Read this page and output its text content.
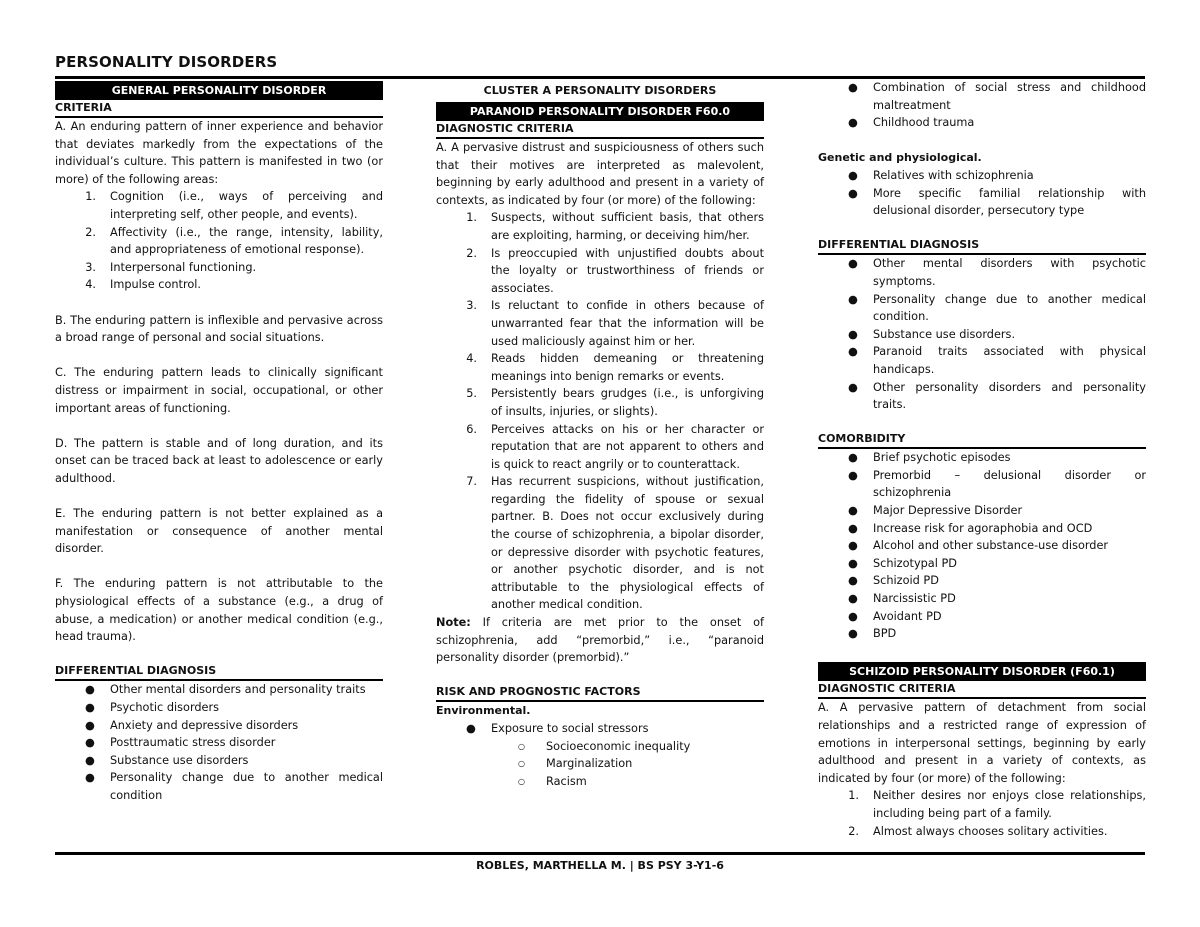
PERSONALITY DISORDERS
GENERAL PERSONALITY DISORDER
CRITERIA
A. An enduring pattern of inner experience and behavior that deviates markedly from the expectations of the individual’s culture. This pattern is manifested in two (or more) of the following areas:
1. Cognition (i.e., ways of perceiving and interpreting self, other people, and events).
2. Affectivity (i.e., the range, intensity, lability, and appropriateness of emotional response).
3. Interpersonal functioning.
4. Impulse control.
B. The enduring pattern is inflexible and pervasive across a broad range of personal and social situations.
C. The enduring pattern leads to clinically significant distress or impairment in social, occupational, or other important areas of functioning.
D. The pattern is stable and of long duration, and its onset can be traced back at least to adolescence or early adulthood.
E. The enduring pattern is not better explained as a manifestation or consequence of another mental disorder.
F. The enduring pattern is not attributable to the physiological effects of a substance (e.g., a drug of abuse, a medication) or another medical condition (e.g., head trauma).
DIFFERENTIAL DIAGNOSIS
● Other mental disorders and personality traits
● Psychotic disorders
● Anxiety and depressive disorders
● Posttraumatic stress disorder
● Substance use disorders
● Personality change due to another medical condition
CLUSTER A PERSONALITY DISORDERS
PARANOID PERSONALITY DISORDER F60.0
DIAGNOSTIC CRITERIA
A. A pervasive distrust and suspiciousness of others such that their motives are interpreted as malevolent, beginning by early adulthood and present in a variety of contexts, as indicated by four (or more) of the following:
1. Suspects, without sufficient basis, that others are exploiting, harming, or deceiving him/her.
2. Is preoccupied with unjustified doubts about the loyalty or trustworthiness of friends or associates.
3. Is reluctant to confide in others because of unwarranted fear that the information will be used maliciously against him or her.
4. Reads hidden demeaning or threatening meanings into benign remarks or events.
5. Persistently bears grudges (i.e., is unforgiving of insults, injuries, or slights).
6. Perceives attacks on his or her character or reputation that are not apparent to others and is quick to react angrily or to counterattack.
7. Has recurrent suspicions, without justification, regarding the fidelity of spouse or sexual partner. B. Does not occur exclusively during the course of schizophrenia, a bipolar disorder, or depressive disorder with psychotic features, or another psychotic disorder, and is not attributable to the physiological effects of another medical condition.
Note: If criteria are met prior to the onset of schizophrenia, add “premorbid,” i.e., “paranoid personality disorder (premorbid).”
RISK AND PROGNOSTIC FACTORS
Environmental.
● Exposure to social stressors
○ Socioeconomic inequality
○ Marginalization
○ Racism
● Combination of social stress and childhood maltreatment
● Childhood trauma
Genetic and physiological.
● Relatives with schizophrenia
● More specific familial relationship with delusional disorder, persecutory type
DIFFERENTIAL DIAGNOSIS
● Other mental disorders with psychotic symptoms.
● Personality change due to another medical condition.
● Substance use disorders.
● Paranoid traits associated with physical handicaps.
● Other personality disorders and personality traits.
COMORBIDITY
● Brief psychotic episodes
● Premorbid – delusional disorder or schizophrenia
● Major Depressive Disorder
● Increase risk for agoraphobia and OCD
● Alcohol and other substance-use disorder
● Schizotypal PD
● Schizoid PD
● Narcissistic PD
● Avoidant PD
● BPD
SCHIZOID PERSONALITY DISORDER (F60.1)
DIAGNOSTIC CRITERIA
A. A pervasive pattern of detachment from social relationships and a restricted range of expression of emotions in interpersonal settings, beginning by early adulthood and present in a variety of contexts, as indicated by four (or more) of the following:
1. Neither desires nor enjoys close relationships, including being part of a family.
2. Almost always chooses solitary activities.
ROBLES, MARTHELLA M. | BS PSY 3-Y1-6
